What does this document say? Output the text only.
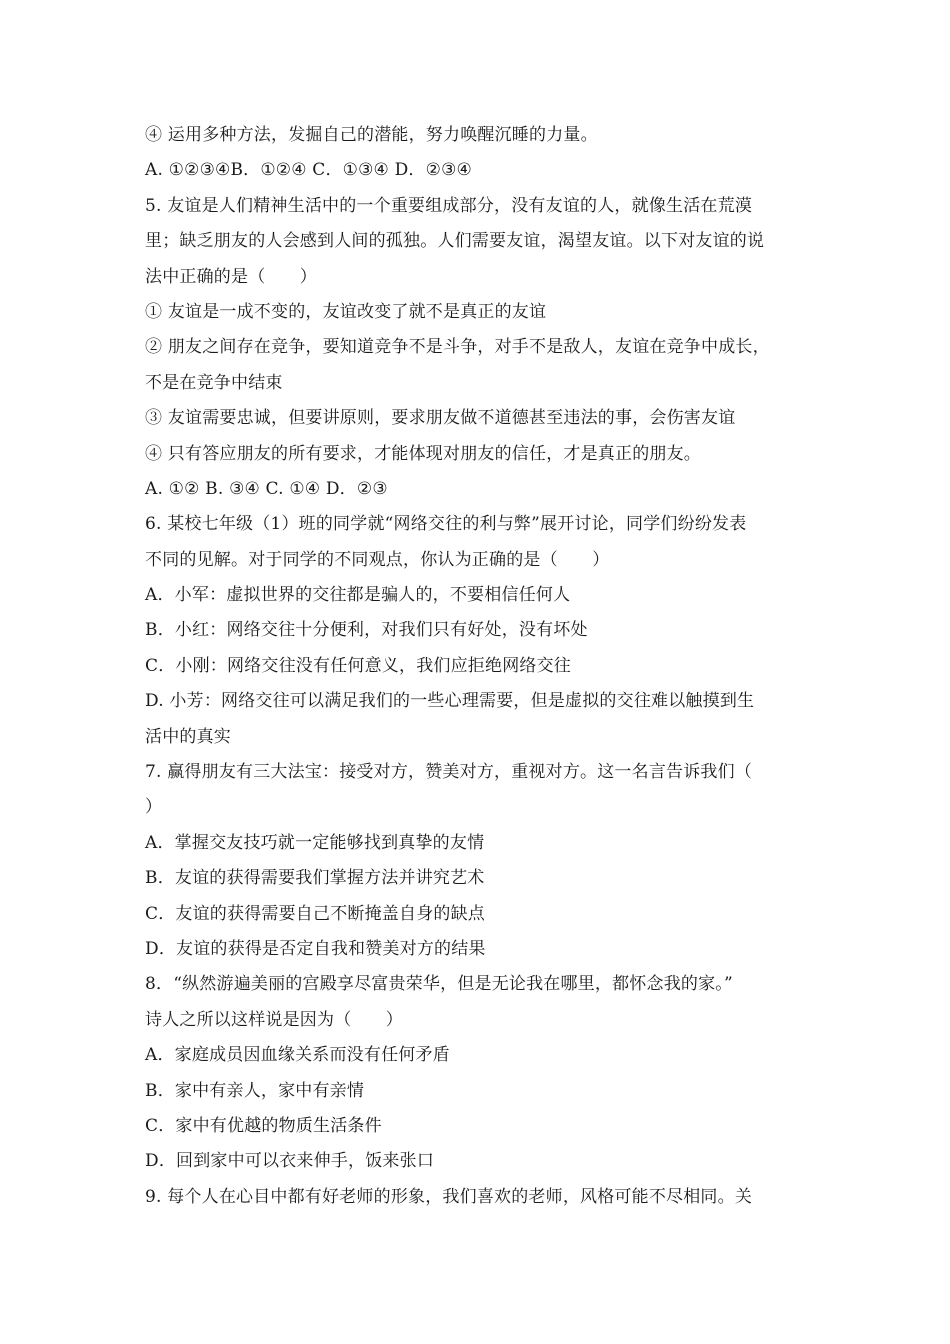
④ 运用多种方法，发掘自己的潜能，努力唤醒沉睡的力量。
A. ①②③④B．①②④ C．①③④ D．②③④
5. 友谊是人们精神生活中的一个重要组成部分，没有友谊的人，就像生活在荒漠
里；缺乏朋友的人会感到人间的孤独。人们需要友谊，渴望友谊。以下对友谊的说
法中正确的是（　　）
① 友谊是一成不变的，友谊改变了就不是真正的友谊
② 朋友之间存在竞争，要知道竞争不是斗争，对手不是敌人，友谊在竞争中成长，
不是在竞争中结束
③ 友谊需要忠诚，但要讲原则，要求朋友做不道德甚至违法的事，会伤害友谊
④ 只有答应朋友的所有要求，才能体现对朋友的信任，才是真正的朋友。
A. ①② B. ③④ C. ①④ D．②③
6. 某校七年级（1）班的同学就“网络交往的利与弊”展开讨论，同学们纷纷发表
不同的见解。对于同学的不同观点，你认为正确的是（　　）
A．小军：虚拟世界的交往都是骗人的，不要相信任何人
B．小红：网络交往十分便利，对我们只有好处，没有坏处
C．小刚：网络交往没有任何意义，我们应拒绝网络交往
D. 小芳：网络交往可以满足我们的一些心理需要，但是虚拟的交往难以触摸到生
活中的真实
7. 赢得朋友有三大法宝：接受对方，赞美对方，重视对方。这一名言告诉我们（
）
A．掌握交友技巧就一定能够找到真挚的友情
B．友谊的获得需要我们掌握方法并讲究艺术
C．友谊的获得需要自己不断掩盖自身的缺点
D．友谊的获得是否定自我和赞美对方的结果
8．“纵然游遍美丽的宫殿享尽富贵荣华，但是无论我在哪里，都怀念我的家。”
诗人之所以这样说是因为（　　）
A．家庭成员因血缘关系而没有任何矛盾
B．家中有亲人，家中有亲情
C．家中有优越的物质生活条件
D．回到家中可以衣来伸手，饭来张口
9. 每个人在心目中都有好老师的形象，我们喜欢的老师，风格可能不尽相同。关
